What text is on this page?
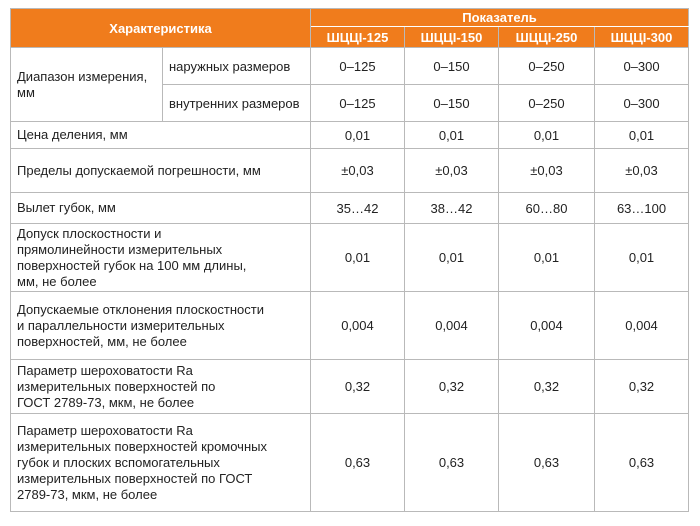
Характеристика		Показатель			
		ШЦЦI-125	ШЦЦI-150	ШЦЦI-250	ШЦЦI-300
Диапазон измерения, мм	наружных размеров	0–125	0–150	0–250	0–300
	внутренних размеров	0–125	0–150	0–250	0–300
Цена деления, мм		0,01	0,01	0,01	0,01
Пределы допускаемой погрешности, мм		±0,03	±0,03	±0,03	±0,03
Вылет губок, мм		35…42	38…42	60…80	63…100

Допуск плоскостности и прямолинейности измерительных поверхностей губок на 100 мм длины, мм, не более		0,01	0,01	0,01	0,01

Допускаемые отклонения плоскостности и параллельности измерительных поверхностей, мм, не более		0,004	0,004	0,004	0,004

Параметр шероховатости Ra измерительных поверхностей по ГОСТ 2789-73, мкм, не более		0,32	0,32	0,32	0,32

Параметр шероховатости Ra измерительных поверхностей кромочных губок и плоских вспомогательных измерительных поверхностей по ГОСТ 2789-73, мкм, не более		0,63	0,63	0,63	0,63
